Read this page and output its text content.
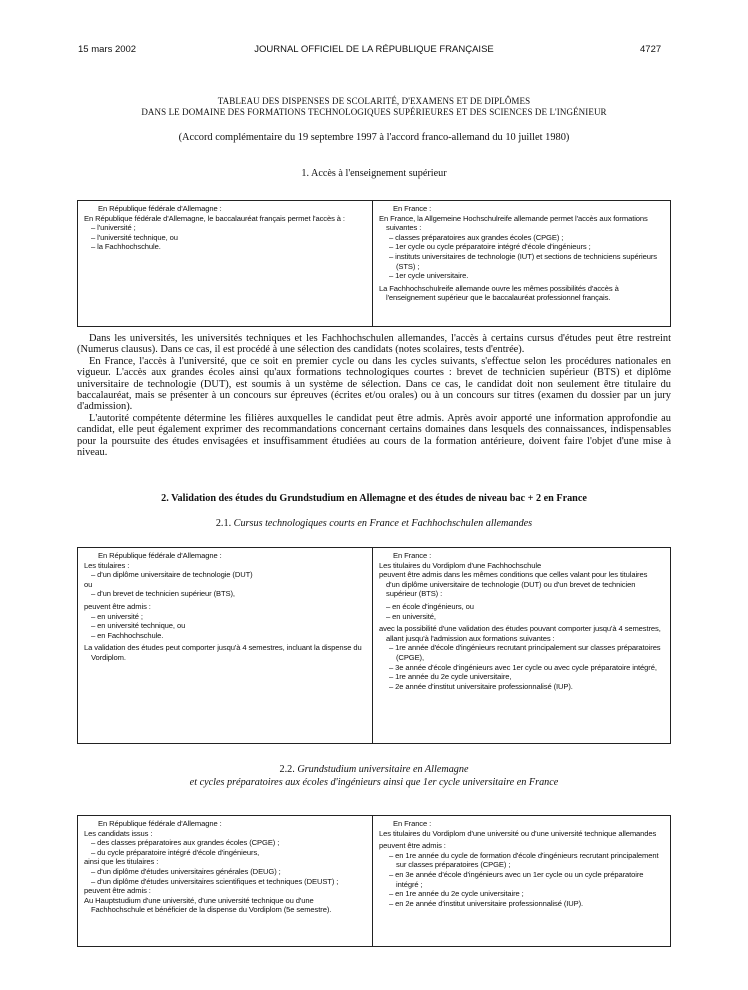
15 mars 2002	JOURNAL OFFICIEL DE LA RÉPUBLIQUE FRANÇAISE	4727
TABLEAU DES DISPENSES DE SCOLARITÉ, D'EXAMENS ET DE DIPLÔMES
DANS LE DOMAINE DES FORMATIONS TECHNOLOGIQUES SUPÉRIEURES ET DES SCIENCES DE L'INGÉNIEUR
(Accord complémentaire du 19 septembre 1997 à l'accord franco-allemand du 10 juillet 1980)
1. Accès à l'enseignement supérieur

En République fédérale d'Allemagne :

En République fédérale d'Allemagne, le baccalauréat français permet l'accès à :

– l'université ;

– l'université technique, ou

– la Fachhochschule.

En France :

En France, la Allgemeine Hochschulreife allemande permet l'accès aux formations suivantes :

– classes préparatoires aux grandes écoles (CPGE) ;

– 1er cycle ou cycle préparatoire intégré d'école d'ingénieurs ;

– instituts universitaires de technologie (IUT) et sections de techniciens supérieurs (STS) ;

– 1er cycle universitaire.

La Fachhochschulreife allemande ouvre les mêmes possibilités d'accès à l'enseignement supérieur que le baccalauréat professionnel français.

Dans les universités, les universités techniques et les Fachhochschulen allemandes, l'accès à certains cursus d'études peut être restreint (Numerus clausus). Dans ce cas, il est procédé à une sélection des candidats (notes scolaires, tests d'entrée).

En France, l'accès à l'université, que ce soit en premier cycle ou dans les cycles suivants, s'effectue selon les procédures nationales en vigueur. L'accès aux grandes écoles ainsi qu'aux formations technologiques courtes : brevet de technicien supérieur (BTS) et diplôme universitaire de technologie (DUT), est soumis à un système de sélection. Dans ce cas, le candidat doit non seulement être titulaire du baccalauréat, mais se présenter à un concours sur épreuves (écrites et/ou orales) ou à un concours sur titres (examen du dossier par un jury d'admission).

L'autorité compétente détermine les filières auxquelles le candidat peut être admis. Après avoir apporté une information approfondie au candidat, elle peut également exprimer des recommandations concernant certains domaines dans lesquels des connaissances, indispensables pour la poursuite des études envisagées et insuffisamment étudiées au cours de la formation antérieure, doivent faire l'objet d'une mise à niveau.

2. Validation des études du Grundstudium en Allemagne et des études de niveau bac + 2 en France
2.1. Cursus technologiques courts en France et Fachhochschulen allemandes

En République fédérale d'Allemagne :

Les titulaires :

– d'un diplôme universitaire de technologie (DUT)

ou

– d'un brevet de technicien supérieur (BTS),

peuvent être admis :

– en université ;

– en université technique, ou

– en Fachhochschule.

La validation des études peut comporter jusqu'à 4 semestres, incluant la dispense du Vordiplom.

En France :

Les titulaires du Vordiplom d'une Fachhochschule

peuvent être admis dans les mêmes conditions que celles valant pour les titulaires d'un diplôme universitaire de technologie (DUT) ou d'un brevet de technicien supérieur (BTS) :

– en école d'ingénieurs, ou

– en université,

avec la possibilité d'une validation des études pouvant comporter jusqu'à 4 semestres, allant jusqu'à l'admission aux formations suivantes :

– 1re année d'école d'ingénieurs recrutant principalement sur classes préparatoires (CPGE),

– 3e année d'école d'ingénieurs avec 1er cycle ou avec cycle préparatoire intégré,

– 1re année du 2e cycle universitaire,

– 2e année d'institut universitaire professionnalisé (IUP).

2.2. Grundstudium universitaire en Allemagne
et cycles préparatoires aux écoles d'ingénieurs ainsi que 1er cycle universitaire en France

En République fédérale d'Allemagne :

Les candidats issus :

– des classes préparatoires aux grandes écoles (CPGE) ;

– du cycle préparatoire intégré d'école d'ingénieurs,

ainsi que les titulaires :

– d'un diplôme d'études universitaires générales (DEUG) ;

– d'un diplôme d'études universitaires scientifiques et techniques (DEUST) ;

peuvent être admis :

Au Hauptstudium d'une université, d'une université technique ou d'une Fachhochschule et bénéficier de la dispense du Vordiplom (5e semestre).

En France :

Les titulaires du Vordiplom d'une université ou d'une université technique allemandes

peuvent être admis :

– en 1re année du cycle de formation d'école d'ingénieurs recrutant principalement sur classes préparatoires (CPGE) ;

– en 3e année d'école d'ingénieurs avec un 1er cycle ou un cycle préparatoire intégré ;

– en 1re année du 2e cycle universitaire ;

– en 2e année d'institut universitaire professionnalisé (IUP).
